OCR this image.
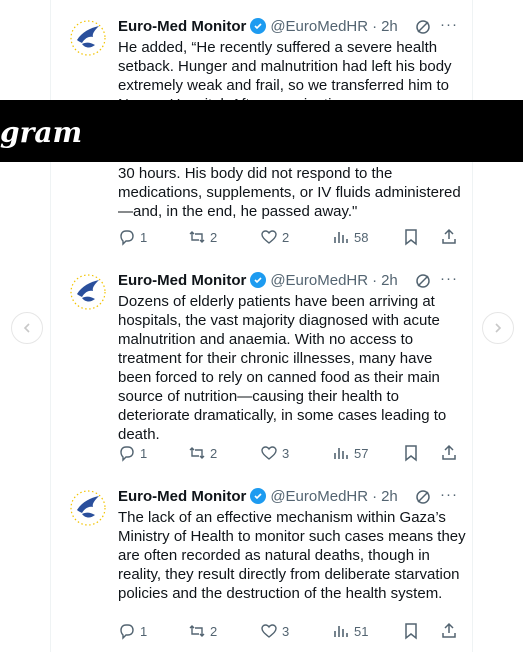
Euro-Med Monitor @EuroMedHR · 2h	···
He added, “He recently suffered a severe health setback. Hunger and malnutrition had left his body extremely weak and frail, so we transferred him to
30 hours. His body did not respond to the medications, supplements, or IV fluids administered—and, in the end, he passed away."
1	2	2	58
Euro-Med Monitor @EuroMedHR · 2h	···
Dozens of elderly patients have been arriving at hospitals, the vast majority diagnosed with acute malnutrition and anaemia. With no access to treatment for their chronic illnesses, many have been forced to rely on canned food as their main source of nutrition—causing their health to deteriorate dramatically, in some cases leading to death.
1	2	3	57
Euro-Med Monitor @EuroMedHR · 2h	···
The lack of an effective mechanism within Gaza’s Ministry of Health to monitor such cases means they are often recorded as natural deaths, though in reality, they result directly from deliberate starvation policies and the destruction of the health system.
1	2	3	51
gram
